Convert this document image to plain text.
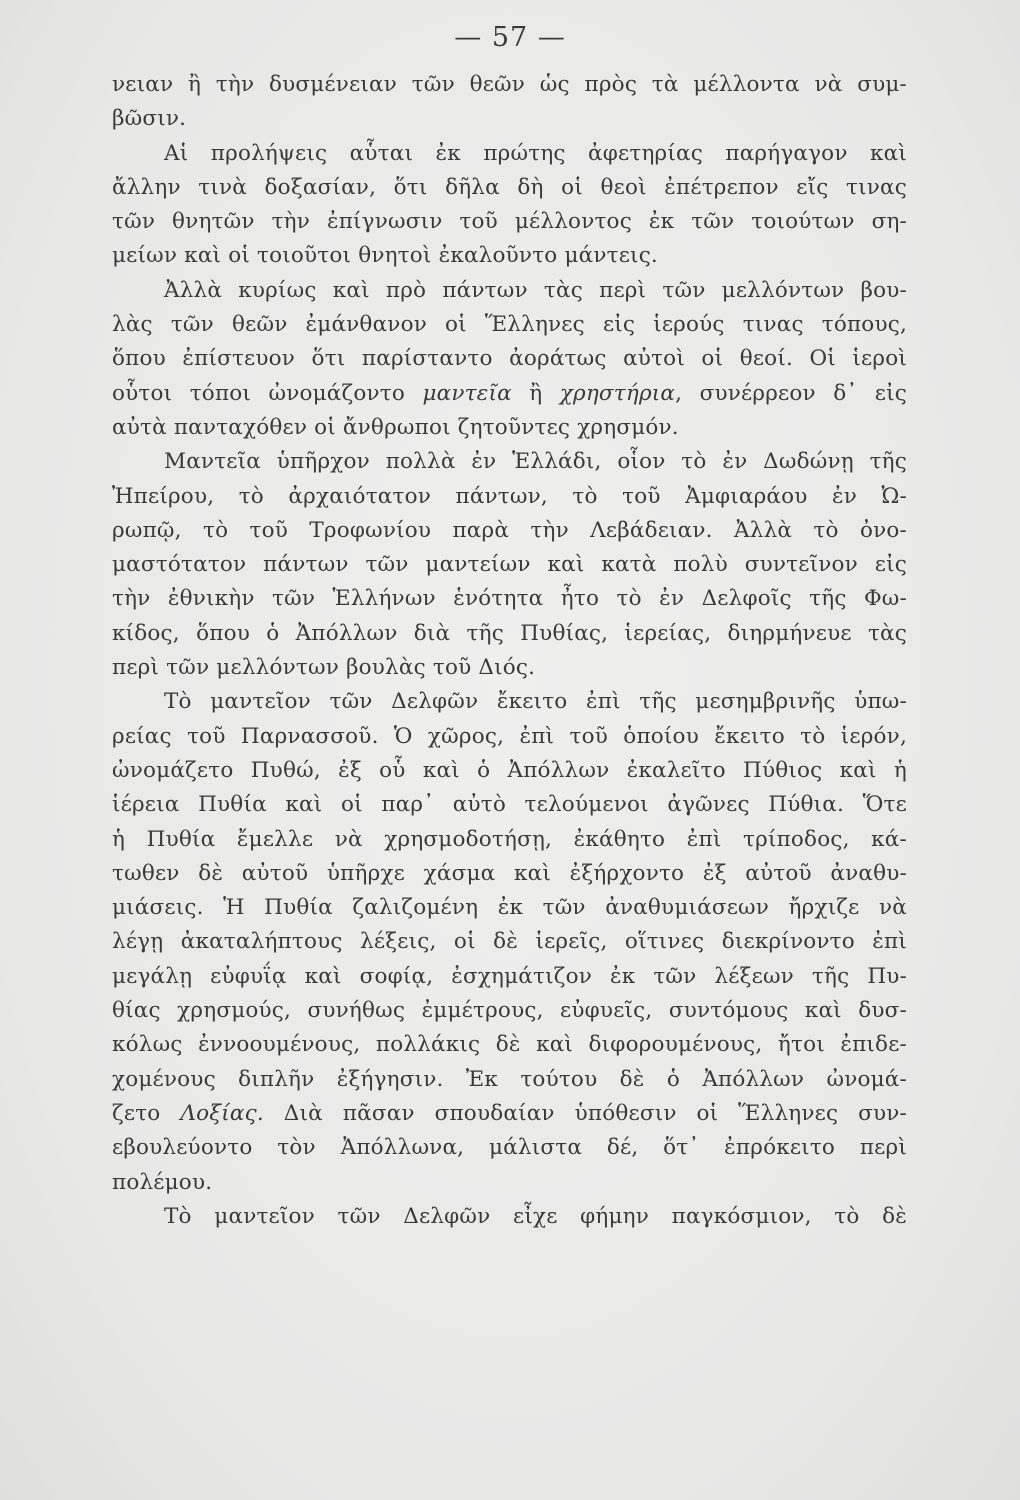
— 57 —
νειαν ἢ τὴν δυσμένειαν τῶν θεῶν ὡς πρὸς τὰ μέλλοντα νὰ συμ-
βῶσιν.
Αἱ προλήψεις αὗται ἐκ πρώτης ἀφετηρίας παρήγαγον καὶ
ἄλλην τινὰ δοξασίαν, ὅτι δῆλα δὴ οἱ θεοὶ ἐπέτρεπον εἴς τινας
τῶν θνητῶν τὴν ἐπίγνωσιν τοῦ μέλλοντος ἐκ τῶν τοιούτων ση-
μείων καὶ οἱ τοιοῦτοι θνητοὶ ἐκαλοῦντο μάντεις.
Ἀλλὰ κυρίως καὶ πρὸ πάντων τὰς περὶ τῶν μελλόντων βου-
λὰς τῶν θεῶν ἐμάνθανον οἱ Ἕλληνες εἰς ἱερούς τινας τόπους,
ὅπου ἐπίστευον ὅτι παρίσταντο ἀοράτως αὐτοὶ οἱ θεοί. Οἱ ἱεροὶ
οὗτοι τόποι ὠνομάζοντο μαντεῖα ἢ χρηστήρια, συνέρρεον δ᾽ εἰς
αὐτὰ πανταχόθεν οἱ ἄνθρωποι ζητοῦντες χρησμόν.
Μαντεῖα ὑπῆρχον πολλὰ ἐν Ἑλλάδι, οἷον τὸ ἐν Δωδώνῃ τῆς
Ἠπείρου, τὸ ἀρχαιότατον πάντων, τὸ τοῦ Ἀμφιαράου ἐν Ὠ-
ρωπῷ, τὸ τοῦ Τροφωνίου παρὰ τὴν Λεβάδειαν. Ἀλλὰ τὸ ὀνο-
μαστότατον πάντων τῶν μαντείων καὶ κατὰ πολὺ συντεῖνον εἰς
τὴν ἐθνικὴν τῶν Ἑλλήνων ἑνότητα ἦτο τὸ ἐν Δελφοῖς τῆς Φω-
κίδος, ὅπου ὁ Ἀπόλλων διὰ τῆς Πυθίας, ἱερείας, διηρμήνευε τὰς
περὶ τῶν μελλόντων βουλὰς τοῦ Διός.
Τὸ μαντεῖον τῶν Δελφῶν ἔκειτο ἐπὶ τῆς μεσημβρινῆς ὑπω-
ρείας τοῦ Παρνασσοῦ. Ὁ χῶρος, ἐπὶ τοῦ ὁποίου ἔκειτο τὸ ἱερόν,
ὠνομάζετο Πυθώ, ἐξ οὗ καὶ ὁ Ἀπόλλων ἐκαλεῖτο Πύθιος καὶ ἡ
ἱέρεια Πυθία καὶ οἱ παρ᾽ αὐτὸ τελούμενοι ἀγῶνες Πύθια. Ὅτε
ἡ Πυθία ἔμελλε νὰ χρησμοδοτήσῃ, ἐκάθητο ἐπὶ τρίποδος, κά-
τωθεν δὲ αὐτοῦ ὑπῆρχε χάσμα καὶ ἐξήρχοντο ἐξ αὐτοῦ ἀναθυ-
μιάσεις. Ἡ Πυθία ζαλιζομένη ἐκ τῶν ἀναθυμιάσεων ἤρχιζε νὰ
λέγῃ ἀκαταλήπτους λέξεις, οἱ δὲ ἱερεῖς, οἵτινες διεκρίνοντο ἐπὶ
μεγάλῃ εὐφυΐᾳ καὶ σοφίᾳ, ἐσχημάτιζον ἐκ τῶν λέξεων τῆς Πυ-
θίας χρησμούς, συνήθως ἐμμέτρους, εὐφυεῖς, συντόμους καὶ δυσ-
κόλως ἐννοουμένους, πολλάκις δὲ καὶ διφορουμένους, ἤτοι ἐπιδε-
χομένους διπλῆν ἐξήγησιν. Ἐκ τούτου δὲ ὁ Ἀπόλλων ὠνομά-
ζετο Λοξίας. Διὰ πᾶσαν σπουδαίαν ὑπόθεσιν οἱ Ἕλληνες συν-
εβουλεύοντο τὸν Ἀπόλλωνα, μάλιστα δέ, ὅτ᾽ ἐπρόκειτο περὶ
πολέμου.
Τὸ μαντεῖον τῶν Δελφῶν εἶχε φήμην παγκόσμιον, τὸ δὲ
